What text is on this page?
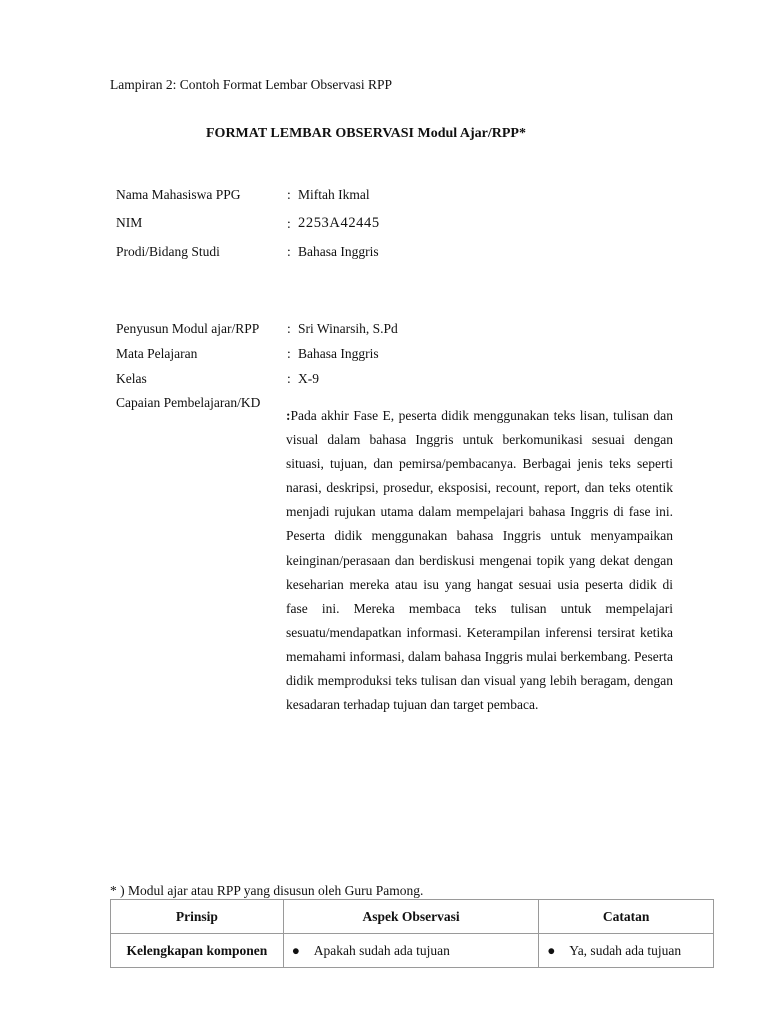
Lampiran 2: Contoh Format Lembar Observasi RPP
FORMAT LEMBAR OBSERVASI Modul Ajar/RPP*
Nama Mahasiswa PPG	: Miftah Ikmal
NIM	: 2253A42445
Prodi/Bidang Studi	: Bahasa Inggris
Penyusun Modul ajar/RPP : Sri Winarsih, S.Pd
Mata Pelajaran	: Bahasa Inggris
Kelas	: X-9
Capaian Pembelajaran/KD
:Pada akhir Fase E, peserta didik menggunakan teks lisan, tulisan dan visual dalam bahasa Inggris untuk berkomunikasi sesuai dengan situasi, tujuan, dan pemirsa/pembacanya. Berbagai jenis teks seperti narasi, deskripsi, prosedur, eksposisi, recount, report, dan teks otentik menjadi rujukan utama dalam mempelajari bahasa Inggris di fase ini. Peserta didik menggunakan bahasa Inggris untuk menyampaikan keinginan/perasaan dan berdiskusi mengenai topik yang dekat dengan keseharian mereka atau isu yang hangat sesuai usia peserta didik di fase ini. Mereka membaca teks tulisan untuk mempelajari sesuatu/mendapatkan informasi. Keterampilan inferensi tersirat ketika memahami informasi, dalam bahasa Inggris mulai berkembang. Peserta didik memproduksi teks tulisan dan visual yang lebih beragam, dengan kesadaran terhadap tujuan dan target pembaca.
* ) Modul ajar atau RPP yang disusun oleh Guru Pamong.
Prinsip	Aspek Observasi	Catatan
Kelengkapan komponen	● Apakah sudah ada tujuan	● Ya, sudah ada tujuan
